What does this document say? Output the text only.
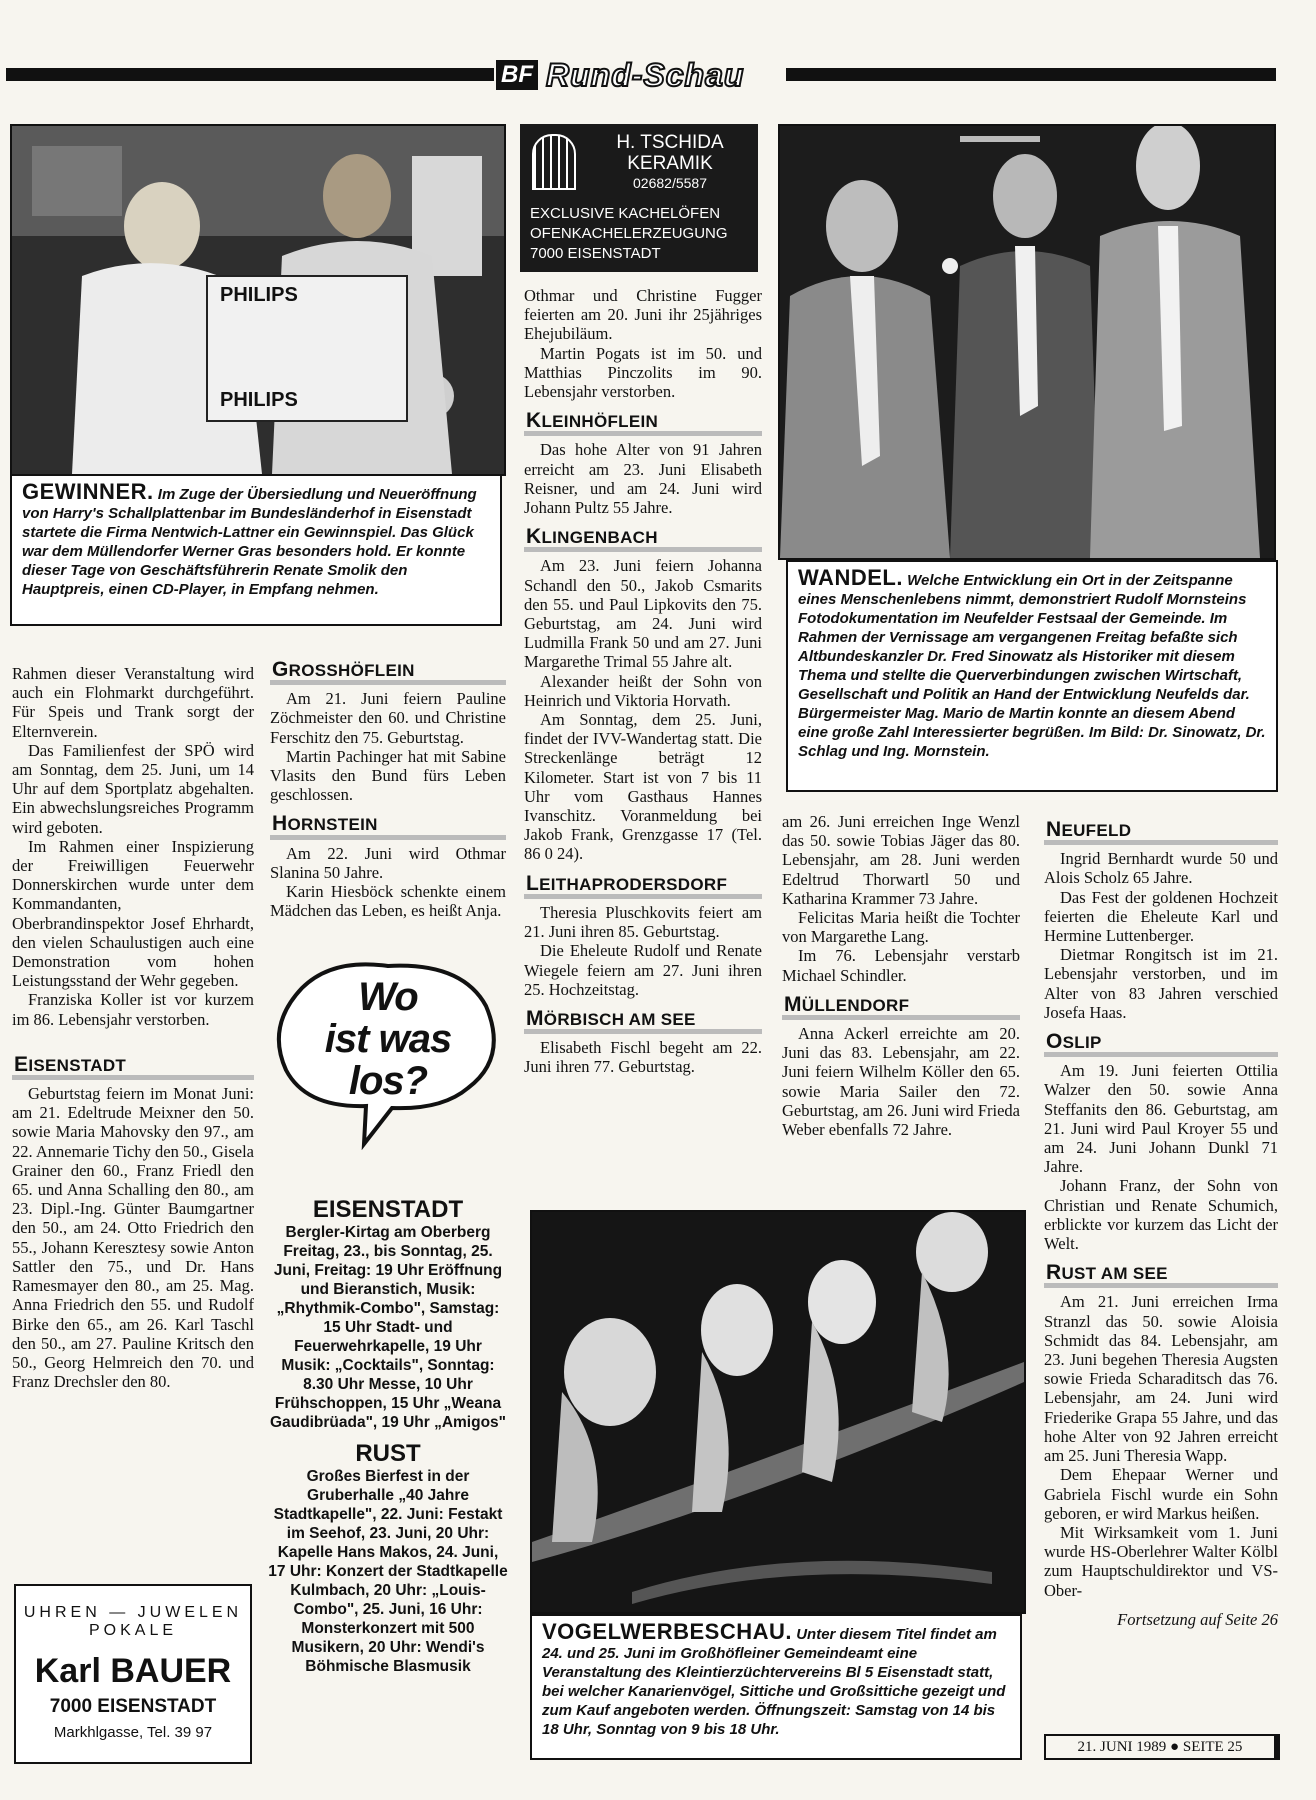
BF Rund-Schau
PHILIPS
PHILIPS
GEWINNER. Im Zuge der Übersiedlung und Neueröffnung von Harry's Schallplattenbar im Bundesländerhof in Eisenstadt startete die Firma Nentwich-Lattner ein Gewinnspiel. Das Glück war dem Müllendorfer Werner Gras besonders hold. Er konnte dieser Tage von Geschäftsführerin Renate Smolik den Hauptpreis, einen CD-Player, in Empfang nehmen.
H. TSCHIDA
KERAMIK
02682/5587
EXCLUSIVE KACHELÖFEN
OFENKACHELERZEUGUNG
7000 EISENSTADT

Othmar und Christine Fugger feierten am 20. Juni ihr 25jähriges Ehejubiläum.

Martin Pogats ist im 50. und Matthias Pinczolits im 90. Lebensjahr verstorben.

KLEINHÖFLEIN

Das hohe Alter von 91 Jahren erreicht am 23. Juni Elisabeth Reisner, und am 24. Juni wird Johann Pultz 55 Jahre.

KLINGENBACH

Am 23. Juni feiern Johanna Schandl den 50., Jakob Csmarits den 55. und Paul Lipkovits den 75. Geburtstag, am 24. Juni wird Ludmilla Frank 50 und am 27. Juni Margarethe Trimal 55 Jahre alt.

Alexander heißt der Sohn von Heinrich und Viktoria Horvath.

Am Sonntag, dem 25. Juni, findet der IVV-Wandertag statt. Die Streckenlänge beträgt 12 Kilometer. Start ist von 7 bis 11 Uhr vom Gasthaus Hannes Ivanschitz. Voranmeldung bei Jakob Frank, Grenzgasse 17 (Tel. 86 0 24).

LEITHAPRODERSDORF

Theresia Pluschkovits feiert am 21. Juni ihren 85. Geburtstag.

Die Eheleute Rudolf und Renate Wiegele feiern am 27. Juni ihren 25. Hochzeitstag.

MÖRBISCH AM SEE

Elisabeth Fischl begeht am 22. Juni ihren 77. Geburtstag.

WANDEL. Welche Entwicklung ein Ort in der Zeitspanne eines Menschenlebens nimmt, demonstriert Rudolf Mornsteins Fotodokumentation im Neufelder Festsaal der Gemeinde. Im Rahmen der Vernissage am vergangenen Freitag befaßte sich Altbundeskanzler Dr. Fred Sinowatz als Historiker mit diesem Thema und stellte die Querverbindungen zwischen Wirtschaft, Gesellschaft und Politik an Hand der Entwicklung Neufelds dar. Bürgermeister Mag. Mario de Martin konnte an diesem Abend eine große Zahl Interessierter begrüßen. Im Bild: Dr. Sinowatz, Dr. Schlag und Ing. Mornstein.

Rahmen dieser Veranstaltung wird auch ein Flohmarkt durchgeführt. Für Speis und Trank sorgt der Elternverein.

Das Familienfest der SPÖ wird am Sonntag, dem 25. Juni, um 14 Uhr auf dem Sportplatz abgehalten. Ein abwechslungsreiches Programm wird geboten.

Im Rahmen einer Inspizierung der Freiwilligen Feuerwehr Donnerskirchen wurde unter dem Kommandanten, Oberbrandinspektor Josef Ehrhardt, den vielen Schaulustigen auch eine Demonstration vom hohen Leistungsstand der Wehr gegeben.

Franziska Koller ist vor kurzem im 86. Lebensjahr verstorben.

EISENSTADT

Geburtstag feiern im Monat Juni: am 21. Edeltrude Meixner den 50. sowie Maria Mahovsky den 97., am 22. Annemarie Tichy den 50., Gisela Grainer den 60., Franz Friedl den 65. und Anna Schalling den 80., am 23. Dipl.-Ing. Günter Baumgartner den 50., am 24. Otto Friedrich den 55., Johann Keresztesy sowie Anton Sattler den 75., und Dr. Hans Ramesmayer den 80., am 25. Mag. Anna Friedrich den 55. und Rudolf Birke den 65., am 26. Karl Taschl den 50., am 27. Pauline Kritsch den 50., Georg Helmreich den 70. und Franz Drechsler den 80.

UHREN — JUWELEN
POKALE
Karl BAUER
7000 EISENSTADT
Markhlgasse, Tel. 39 97
GROSSHÖFLEIN

Am 21. Juni feiern Pauline Zöchmeister den 60. und Christine Ferschitz den 75. Geburtstag.

Martin Pachinger hat mit Sabine Vlasits den Bund fürs Leben geschlossen.

HORNSTEIN

Am 22. Juni wird Othmar Slanina 50 Jahre.

Karin Hiesböck schenkte einem Mädchen das Leben, es heißt Anja.

Wo
ist was
los?
EISENSTADT
Bergler-Kirtag am Oberberg Freitag, 23., bis Sonntag, 25. Juni, Freitag: 19 Uhr Eröffnung und Bieranstich, Musik: „Rhythmik-Combo", Samstag: 15 Uhr Stadt- und Feuerwehrkapelle, 19 Uhr Musik: „Cocktails", Sonntag: 8.30 Uhr Messe, 10 Uhr Frühschoppen, 15 Uhr „Weana Gaudibrüada", 19 Uhr „Amigos"
RUST
Großes Bierfest in der Gruberhalle „40 Jahre Stadtkapelle", 22. Juni: Festakt im Seehof, 23. Juni, 20 Uhr: Kapelle Hans Makos, 24. Juni, 17 Uhr: Konzert der Stadtkapelle Kulmbach, 20 Uhr: „Louis-Combo", 25. Juni, 16 Uhr: Monsterkonzert mit 500 Musikern, 20 Uhr: Wendi's Böhmische Blasmusik

am 26. Juni erreichen Inge Wenzl das 50. sowie Tobias Jäger das 80. Lebensjahr, am 28. Juni werden Edeltrud Thorwartl 50 und Katharina Krammer 73 Jahre.

Felicitas Maria heißt die Tochter von Margarethe Lang.

Im 76. Lebensjahr verstarb Michael Schindler.

MÜLLENDORF

Anna Ackerl erreichte am 20. Juni das 83. Lebensjahr, am 22. Juni feiern Wilhelm Köller den 65. sowie Maria Sailer den 72. Geburtstag, am 26. Juni wird Frieda Weber ebenfalls 72 Jahre.

NEUFELD

Ingrid Bernhardt wurde 50 und Alois Scholz 65 Jahre.

Das Fest der goldenen Hochzeit feierten die Eheleute Karl und Hermine Luttenberger.

Dietmar Rongitsch ist im 21. Lebensjahr verstorben, und im Alter von 83 Jahren verschied Josefa Haas.

OSLIP

Am 19. Juni feierten Ottilia Walzer den 50. sowie Anna Steffanits den 86. Geburtstag, am 21. Juni wird Paul Kroyer 55 und am 24. Juni Johann Dunkl 71 Jahre.

Johann Franz, der Sohn von Christian und Renate Schumich, erblickte vor kurzem das Licht der Welt.

RUST AM SEE

Am 21. Juni erreichen Irma Stranzl das 50. sowie Aloisia Schmidt das 84. Lebensjahr, am 23. Juni begehen Theresia Augsten sowie Frieda Scharaditsch das 76. Lebensjahr, am 24. Juni wird Friederike Grapa 55 Jahre, und das hohe Alter von 92 Jahren erreicht am 25. Juni Theresia Wapp.

Dem Ehepaar Werner und Gabriela Fischl wurde ein Sohn geboren, er wird Markus heißen.

Mit Wirksamkeit vom 1. Juni wurde HS-Oberlehrer Walter Kölbl zum Hauptschuldirektor und VS-Ober-

Fortsetzung auf Seite 26

VOGELWERBESCHAU. Unter diesem Titel findet am 24. und 25. Juni im Großhöfleiner Gemeindeamt eine Veranstaltung des Kleintierzüchtervereins Bl 5 Eisenstadt statt, bei welcher Kanarienvögel, Sittiche und Großsittiche gezeigt und zum Kauf angeboten werden. Öffnungszeit: Samstag von 14 bis 18 Uhr, Sonntag von 9 bis 18 Uhr.
21. JUNI 1989 ● SEITE 25
